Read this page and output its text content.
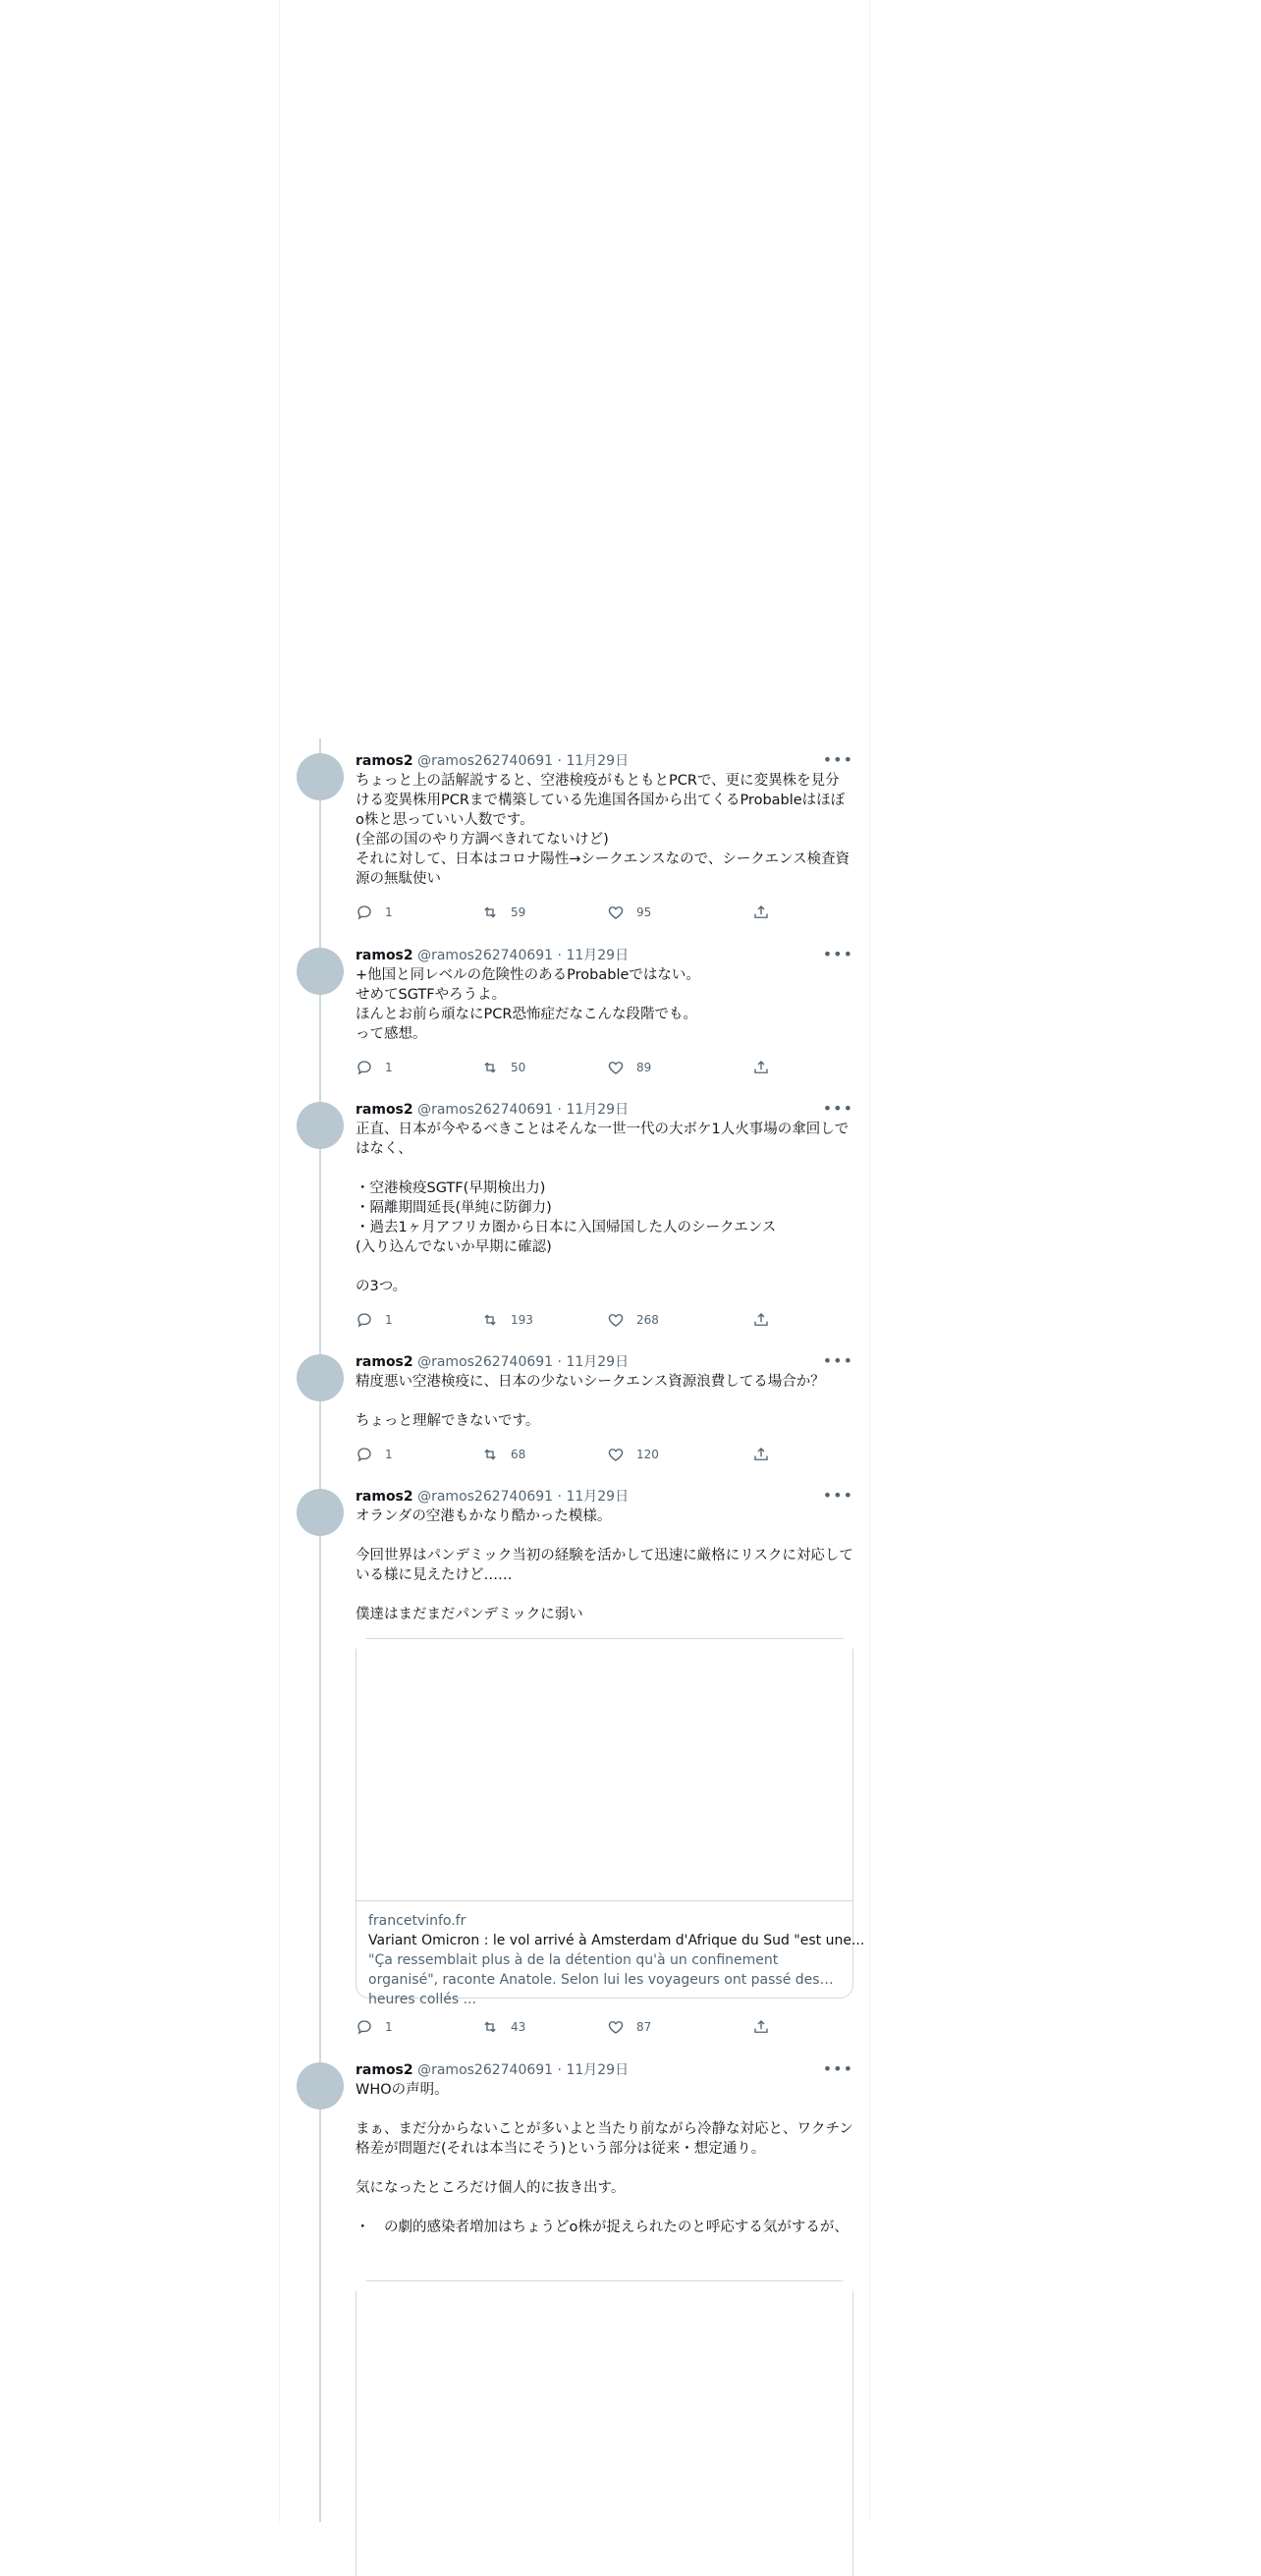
ramos2 @ramos262740691 · 11月29日	•••
ちょっと上の話解説すると、空港検疫がもともとPCRで、更に変異株を見分ける変異株用PCRまで構築している先進国各国から出てくるProbableはほぼo株と思っていい人数です。
(全部の国のやり方調べきれてないけど)
それに対して、日本はコロナ陽性→シークエンスなので、シークエンス検査資源の無駄使い
1	59	95
ramos2 @ramos262740691 · 11月29日	•••
+他国と同レベルの危険性のあるProbableではない。
せめてSGTFやろうよ。
ほんとお前ら頑なにPCR恐怖症だなこんな段階でも。
って感想。
1	50	89
ramos2 @ramos262740691 · 11月29日	•••
正直、日本が今やるべきことはそんな一世一代の大ボケ1人火事場の傘回しではなく、

・空港検疫SGTF(早期検出力)
・隔離期間延長(単純に防御力)
・過去1ヶ月アフリカ圏から日本に入国帰国した人のシークエンス
(入り込んでないか早期に確認)

の3つ。
1	193	268
ramos2 @ramos262740691 · 11月29日	•••
精度悪い空港検疫に、日本の少ないシークエンス資源浪費してる場合か？

ちょっと理解できないです。
1	68	120
ramos2 @ramos262740691 · 11月29日	•••
オランダの空港もかなり酷かった模様。

今回世界はパンデミック当初の経験を活かして迅速に厳格にリスクに対応している様に見えたけど……

僕達はまだまだパンデミックに弱い
francetvinfo.fr
Variant Omicron : le vol arrivé à Amsterdam d'Afrique du Sud "est une...
"Ça ressemblait plus à de la détention qu'à un confinement organisé", raconte Anatole. Selon lui les voyageurs ont passé des heures collés ...
1	43	87
ramos2 @ramos262740691 · 11月29日	•••
WHOの声明。

まぁ、まだ分からないことが多いよと当たり前ながら冷静な対応と、ワクチン格差が問題だ(それは本当にそう)という部分は従来・想定通り。

気になったところだけ個人的に抜き出す。

・　の劇的感染者増加はちょうどo株が捉えられたのと呼応する気がするが、
